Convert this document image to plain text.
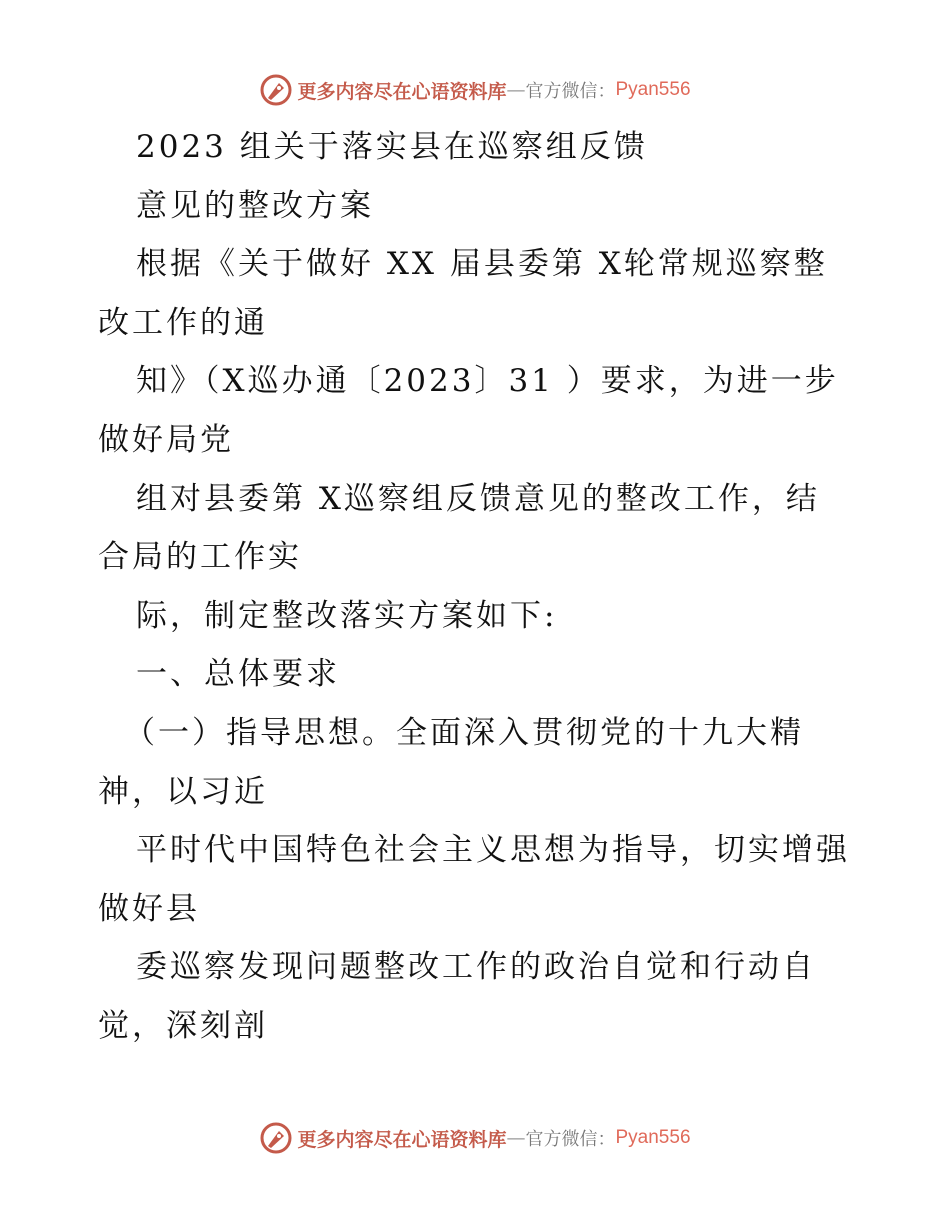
更多内容尽在心语资料库 — 官方微信： Pyan556
2023 组关于落实县在巡察组反馈
意见的整改方案
根据《关于做好 XX 届县委第 X轮常规巡察整
改工作的通
知》（X巡办通〔2023〕31 ）要求，为进一步
做好局党
组对县委第 X巡察组反馈意见的整改工作，结
合局的工作实
际，制定整改落实方案如下:
一、总体要求
（一）指导思想。全面深入贯彻党的十九大精
神，以习近
平时代中国特色社会主义思想为指导，切实增强
做好县
委巡察发现问题整改工作的政治自觉和行动自
觉，深刻剖
更多内容尽在心语资料库 — 官方微信： Pyan556
